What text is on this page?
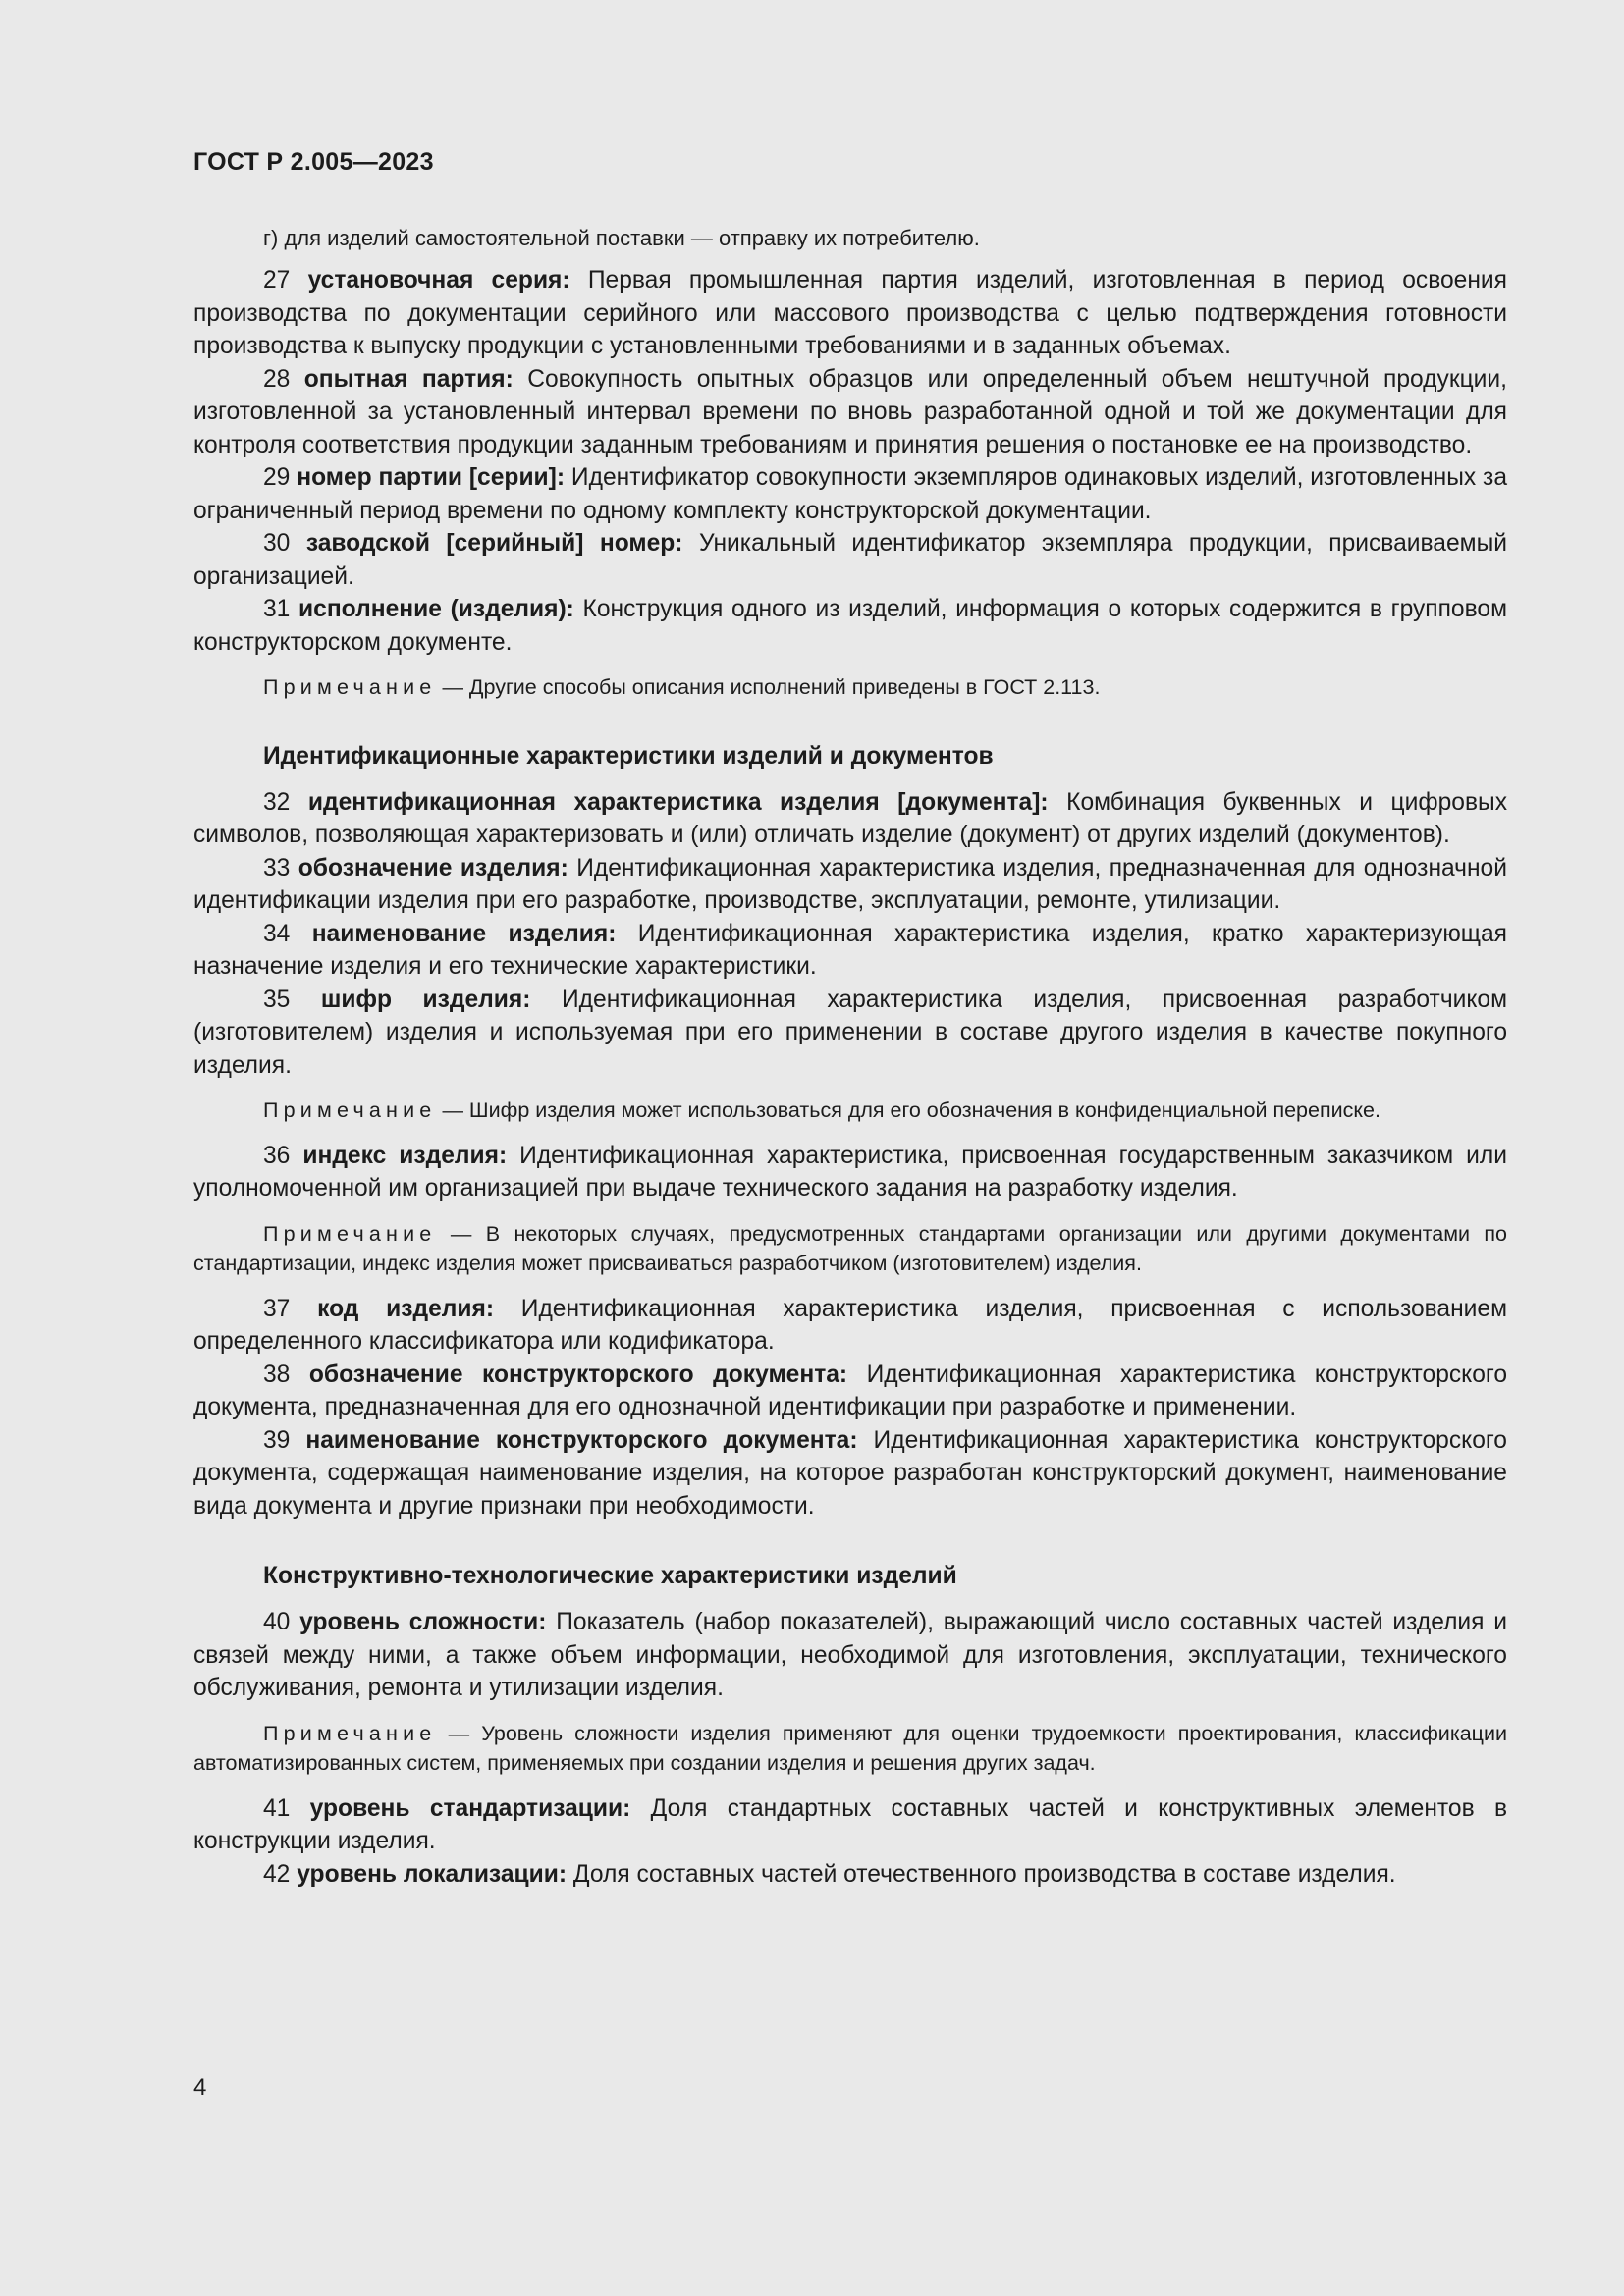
ГОСТ Р 2.005—2023

г) для изделий самостоятельной поставки — отправку их потребителю.

27 установочная серия: Первая промышленная партия изделий, изготовленная в период освоения производства по документации серийного или массового производства с целью подтверждения готовности производства к выпуску продукции с установленными требованиями и в заданных объемах.

28 опытная партия: Совокупность опытных образцов или определенный объем нештучной продукции, изготовленной за установленный интервал времени по вновь разработанной одной и той же документации для контроля соответствия продукции заданным требованиям и принятия решения о постановке ее на производство.

29 номер партии [серии]: Идентификатор совокупности экземпляров одинаковых изделий, изготовленных за ограниченный период времени по одному комплекту конструкторской документации.

30 заводской [серийный] номер: Уникальный идентификатор экземпляра продукции, присваиваемый организацией.

31 исполнение (изделия): Конструкция одного из изделий, информация о которых содержится в групповом конструкторском документе.

Примечание — Другие способы описания исполнений приведены в ГОСТ 2.113.

Идентификационные характеристики изделий и документов

32 идентификационная характеристика изделия [документа]: Комбинация буквенных и цифровых символов, позволяющая характеризовать и (или) отличать изделие (документ) от других изделий (документов).

33 обозначение изделия: Идентификационная характеристика изделия, предназначенная для однозначной идентификации изделия при его разработке, производстве, эксплуатации, ремонте, утилизации.

34 наименование изделия: Идентификационная характеристика изделия, кратко характеризующая назначение изделия и его технические характеристики.

35 шифр изделия: Идентификационная характеристика изделия, присвоенная разработчиком (изготовителем) изделия и используемая при его применении в составе другого изделия в качестве покупного изделия.

Примечание — Шифр изделия может использоваться для его обозначения в конфиденциальной переписке.

36 индекс изделия: Идентификационная характеристика, присвоенная государственным заказчиком или уполномоченной им организацией при выдаче технического задания на разработку изделия.

Примечание — В некоторых случаях, предусмотренных стандартами организации или другими документами по стандартизации, индекс изделия может присваиваться разработчиком (изготовителем) изделия.

37 код изделия: Идентификационная характеристика изделия, присвоенная с использованием определенного классификатора или кодификатора.

38 обозначение конструкторского документа: Идентификационная характеристика конструкторского документа, предназначенная для его однозначной идентификации при разработке и применении.

39 наименование конструкторского документа: Идентификационная характеристика конструкторского документа, содержащая наименование изделия, на которое разработан конструкторский документ, наименование вида документа и другие признаки при необходимости.

Конструктивно-технологические характеристики изделий

40 уровень сложности: Показатель (набор показателей), выражающий число составных частей изделия и связей между ними, а также объем информации, необходимой для изготовления, эксплуатации, технического обслуживания, ремонта и утилизации изделия.

Примечание — Уровень сложности изделия применяют для оценки трудоемкости проектирования, классификации автоматизированных систем, применяемых при создании изделия и решения других задач.

41 уровень стандартизации: Доля стандартных составных частей и конструктивных элементов в конструкции изделия.

42 уровень локализации: Доля составных частей отечественного производства в составе изделия.

4
